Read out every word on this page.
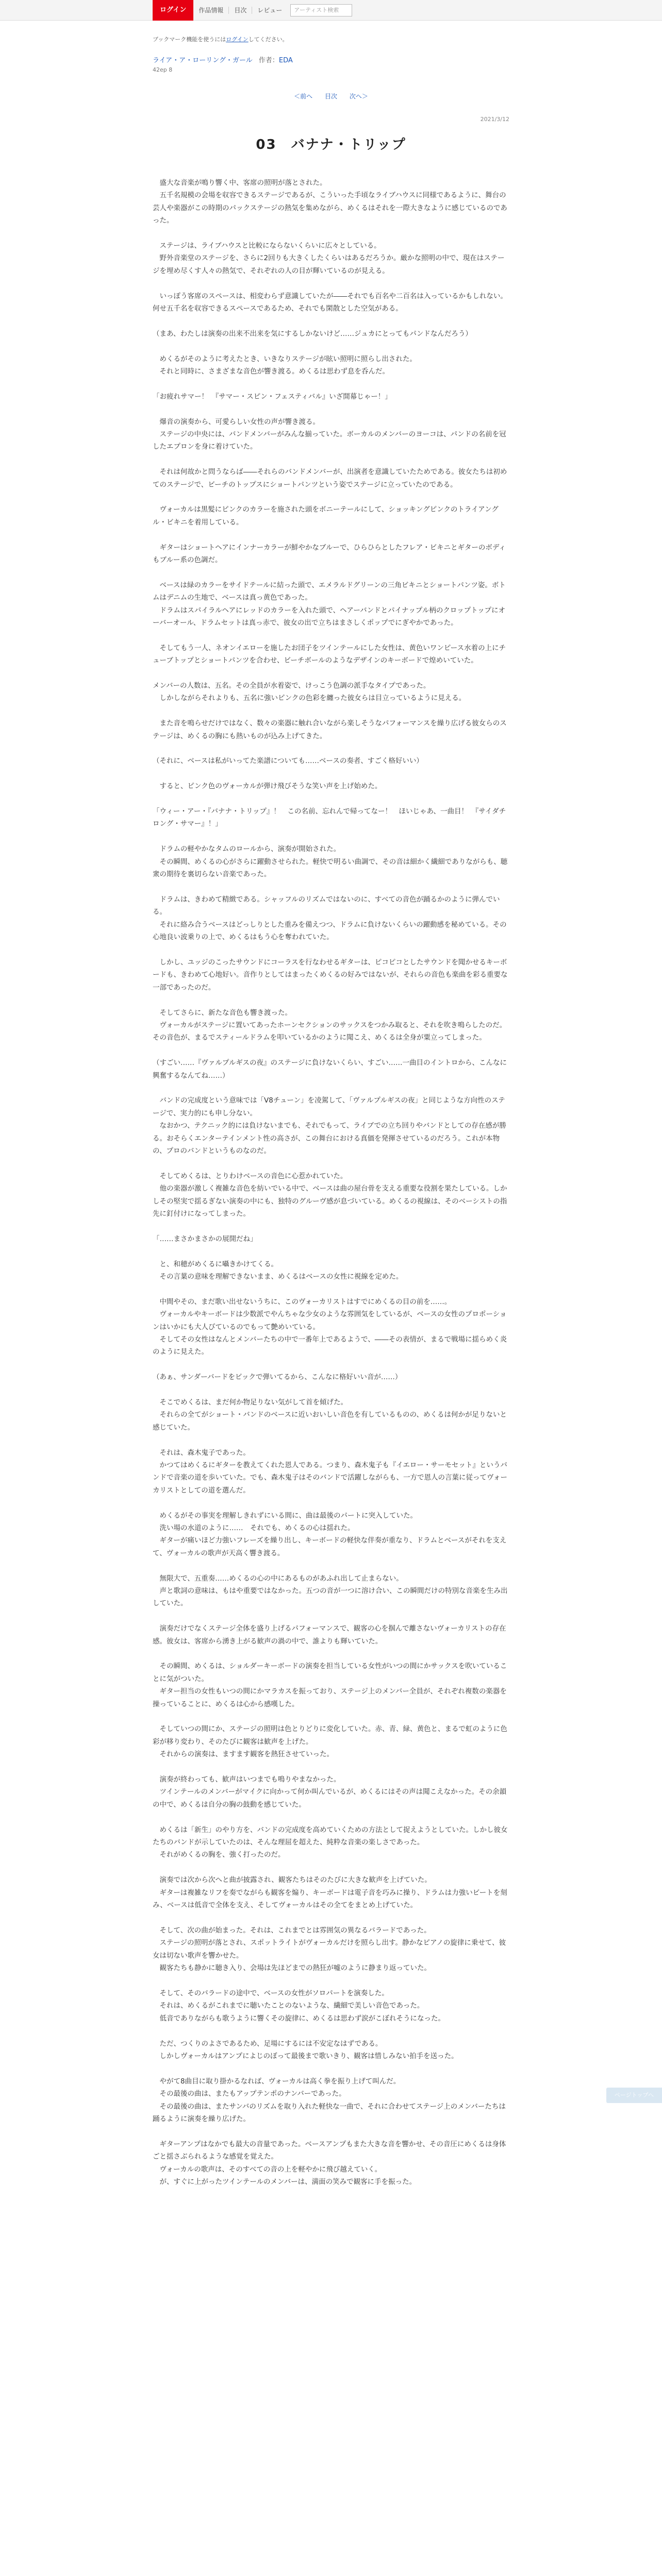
ログイン	作品情報	目次	レビュー	アーティスト検索
ブックマーク機能を使うにはログインしてください。
ライア・ア・ローリング・ガール 作者：EDA
42ep 8
＜前へ 目次 次へ＞
2021/3/12
03　バナナ・トリップ

　盛大な音楽が鳴り響く中、客席の照明が落とされた。

　五千名規模の会場を収容できるステージであるが、こういった手頃なライブハウスに同様であるように、舞台の芸人や楽器がこの時期のパックステージの熱気を集めながら、めくるはそれを一際大きなように感じているのであった。

　ステージは、ライブハウスと比較にならないくらいに広々としている。

　野外音楽堂のステージを、さらに2回りも大きくしたくらいはあるだろうか。厳かな照明の中で、現在はステージを埋め尽くす人々の熱気で、それぞれの人の目が輝いているのが見える。

　いっぽう客席のスペースは、相変わらず意識していたが――それでも百名や二百名は入っているかもしれない。何せ五千名を収容できるスペースであるため、それでも閑散とした空気がある。

（まあ、わたしは演奏の出来不出来を気にするしかないけど……ジュカにとってもパンドなんだろう）

　めくるがそのように考えたとき、いきなりステージが眩い照明に照らし出された。

　それと同時に、さまざまな音色が響き渡る。めくるは思わず息を呑んだ。

「お疲れサマー！　『サマー・スピン・フェスティバル』いざ開幕じゃー！」

　爆音の演奏から、可愛らしい女性の声が響き渡る。

　ステージの中央には、バンドメンバーがみんな揃っていた。ボーカルのメンバーのヨーコは、パンドの名前を冠したエプロンを身に着けていた。

　それは何故かと問うならば――それらのバンドメンバーが、出演者を意識していたためである。彼女たちは初めてのステージで、ビーチのトップスにショートパンツという姿でステージに立っていたのである。

　ヴォーカルは黒髪にピンクのカラーを施された頭をボニーテールにして、ショッキングピンクのトライアングル・ビキニを着用している。

　ギターはショートヘアにインナーカラーが鮮やかなブルーで、ひらひらとしたフレア・ビキニとギターのボディもブルー系の色調だ。

　ベースは緑のカラーをサイドテールに結った頭で、エメラルドグリーンの三角ビキニとショートパンツ姿。ボトムはデニムの生地で、ベースは真っ黄色であった。

　ドラムはスパイラルヘアにレッドのカラーを入れた頭で、ヘアーバンドとパイナップル柄のクロップトップにオーバーオール、ドラムセットは真っ赤で、彼女の出で立ちはまさしくポップでにぎやかであった。

　そしてもう一人、ネオンイエローを施したお団子をツインテールにした女性は、黄色いワンピース水着の上にチューブトップとショートパンツを合わせ、ビーチボールのようなデザインのキーボードで煌めいていた。

メンバーの人数は、五名。その全員が水着姿で、けっこう色調の派手なタイプであった。

　しかしながらそれよりも、五名に強いピンクの色彩を纏った彼女らは目立っているように見える。

　また音を鳴らせだけではなく、数々の楽器に触れ合いながら楽しそうなパフォーマンスを繰り広げる彼女らのステージは、めくるの胸にも熱いものが込み上げてきた。

（それに、ベースは私がいってた楽譜についても……ベースの奏者、すごく格好いい）

　すると、ピンク色のヴォーカルが弾け飛びそうな笑い声を上げ始めた。

「ウィー・アー・『バナナ・トリップ』！　この名前、忘れんで帰ってなー！　ほいじゃあ、一曲目！　『サイダチロング・サマー』！」

　ドラムの軽やかなタムのロールから、演奏が開始された。

　その瞬間、めくるの心がさらに躍動させられた。軽快で明るい曲調で、その音は細かく繊細でありながらも、聴衆の期待を裏切らない音楽であった。

　ドラムは、きわめて精緻である。シャッフルのリズムではないのに、すべての音色が踊るかのように弾んでいる。

　それに絡み合うベースはどっしりとした重みを備えつつ、ドラムに負けないくらいの躍動感を秘めている。その心地良い波乗りの上で、めくるはもう心を奪われていた。

　しかし、ユッジのこったサウンドにコーラスを行なわせるギターは、ピコピコとしたサウンドを聞かせるキーボードも、きわめて心地好い。音作りとしてはまったくめくるの好みではないが、それらの音色も楽曲を彩る重要な一部であったのだ。

　そしてさらに、新たな音色も響き渡った。

　ヴォーカルがステージに置いてあったホーンセクションのサックスをつかみ取ると、それを吹き鳴らしたのだ。その音色が、まるでスティールドラムを叩いているかのように聞こえ、めくるは全身が粟立ってしまった。

（すごい……『ヴァルプルギスの夜』のステージに負けないくらい、すごい……一曲目のイントロから、こんなに興奮するなんてね……）

　バンドの完成度という意味では「V8チューン」を凌駕して、「ヴァルプルギスの夜」と同じような方向性のステージで、実力的にも申し分ない。

　なおかつ、テクニック的には負けないまでも、それでもって、ライブでの立ち回りやバンドとしての存在感が勝る。おそらくエンターテインメント性の高さが、この舞台における真価を発揮させているのだろう。これが本物の、プロのバンドというものなのだ。

　そしてめくるは、とりわけベースの音色に心惹かれていた。

　他の楽器が激しく複雑な音色を紡いでいる中で、ベースは曲の屋台骨を支える重要な役割を果たしている。しかしその堅実で揺るぎない演奏の中にも、独特のグルーヴ感が息づいている。めくるの視線は、そのベーシストの指先に釘付けになってしまった。

「……まさかまさかの展開だね」

　と、和穂がめくるに囁きかけてくる。

　その言葉の意味を理解できないまま、めくるはベースの女性に視線を定めた。

　中間やその、まだ歌い出せないうちに、このヴォーカリストはすでにめくるの目の前を……。

　ヴォーカルやキーボードは少数派でやんちゃな少女のような雰囲気をしているが、ベースの女性のプロポーションはいかにも大人びているのでもって艶めいている。

　そしてその女性はなんとメンバーたちの中で一番年上であるようで、――その表情が、まるで戦場に揺らめく炎のように見えた。

（あぁ、サンダーバードをビックで弾いてるから、こんなに格好いい音が……）

　そこでめくるは、まだ何か物足りない気がして首を傾げた。

　それらの全てがショート・バンドのベースに近いおいしい音色を有しているものの、めくるは何かが足りないと感じていた。

　それは、森木鬼子であった。

　かつてはめくるにギターを教えてくれた恩人である。つまり、森木鬼子も『イエロー・サーモセット』というバンドで音楽の道を歩いていた。でも、森木鬼子はそのバンドで活躍しながらも、一方で恩人の言葉に従ってヴォーカリストとしての道を選んだ。

　めくるがその事実を理解しきれずにいる間に、曲は最後のパートに突入していた。

　洗い場の水道のように……　それでも、めくるの心は揺れた。

　ギターが痛いほど力強いフレーズを繰り出し、キーボードの軽快な伴奏が重なり、ドラムとベースがそれを支えて、ヴォーカルの歌声が天高く響き渡る。

　無限大で、五重奏……めくるの心の中にあるものがあふれ出して止まらない。

　声と歌詞の意味は、もはや重要ではなかった。五つの音が一つに溶け合い、この瞬間だけの特別な音楽を生み出していた。

　演奏だけでなくステージ全体を盛り上げるパフォーマンスで、観客の心を掴んで離さないヴォーカリストの存在感。彼女は、客席から湧き上がる歓声の渦の中で、誰よりも輝いていた。

　その瞬間、めくるは、ショルダーキーボードの演奏を担当している女性がいつの間にかサックスを吹いていることに気がついた。

　ギター担当の女性もいつの間にかマラカスを振っており、ステージ上のメンバー全員が、それぞれ複数の楽器を操っていることに、めくるは心から感嘆した。

　そしていつの間にか、ステージの照明は色とりどりに変化していた。赤、青、緑、黄色と、まるで虹のように色彩が移り変わり、そのたびに観客は歓声を上げた。

　それからの演奏は、ますます観客を熱狂させていった。

　演奏が終わっても、歓声はいつまでも鳴りやまなかった。

　ツインテールのメンバーがマイクに向かって何か叫んでいるが、めくるにはその声は聞こえなかった。その余韻の中で、めくるは自分の胸の鼓動を感じていた。

　めくるは「新生」のやり方を、バンドの完成度を高めていくための方法として捉えようとしていた。しかし彼女たちのバンドが示していたのは、そんな理屈を超えた、純粋な音楽の楽しさであった。

　それがめくるの胸を、強く打ったのだ。

　演奏では次から次へと曲が披露され、観客たちはそのたびに大きな歓声を上げていた。

　ギターは複雑なリフを奏でながらも観客を煽り、キーボードは電子音を巧みに操り、ドラムは力強いビートを刻み、ベースは低音で全体を支え、そしてヴォーカルはその全てをまとめ上げていた。

　そして、次の曲が始まった。それは、これまでとは雰囲気の異なるバラードであった。

　ステージの照明が落とされ、スポットライトがヴォーカルだけを照らし出す。静かなピアノの旋律に乗せて、彼女は切ない歌声を響かせた。

　観客たちも静かに聴き入り、会場は先ほどまでの熱狂が嘘のように静まり返っていた。

　そして、そのバラードの途中で、ベースの女性がソロパートを演奏した。

　それは、めくるがこれまでに聴いたことのないような、繊細で美しい音色であった。

　低音でありながらも歌うように響くその旋律に、めくるは思わず涙がこぼれそうになった。

　ただ、つくりのよさであるため、足場にするには不安定なはずである。

　しかしヴォーカルはアンプによじのぼって最後まで歌いきり、観客は惜しみない拍手を送った。

　やがて8曲目に取り掛かるなれば、ヴォーカルは高く拳を振り上げて叫んだ。

　その最後の曲は、またもアップテンポのナンバーであった。

　その最後の曲は、またサンバのリズムを取り入れた軽快な一曲で、それに合わせてステージ上のメンバーたちは踊るように演奏を繰り広げた。

　ギターアンプはなかでも最大の音量であった。ベースアンプもまた大きな音を響かせ、その音圧にめくるは身体ごと揺さぶられるような感覚を覚えた。

　ヴォーカルの歌声は、そのすべての音の上を軽やかに飛び越えていく。

　が、すぐに上がったツインテールのメンバーは、満面の笑みで観客に手を振った。

ページトップへ
